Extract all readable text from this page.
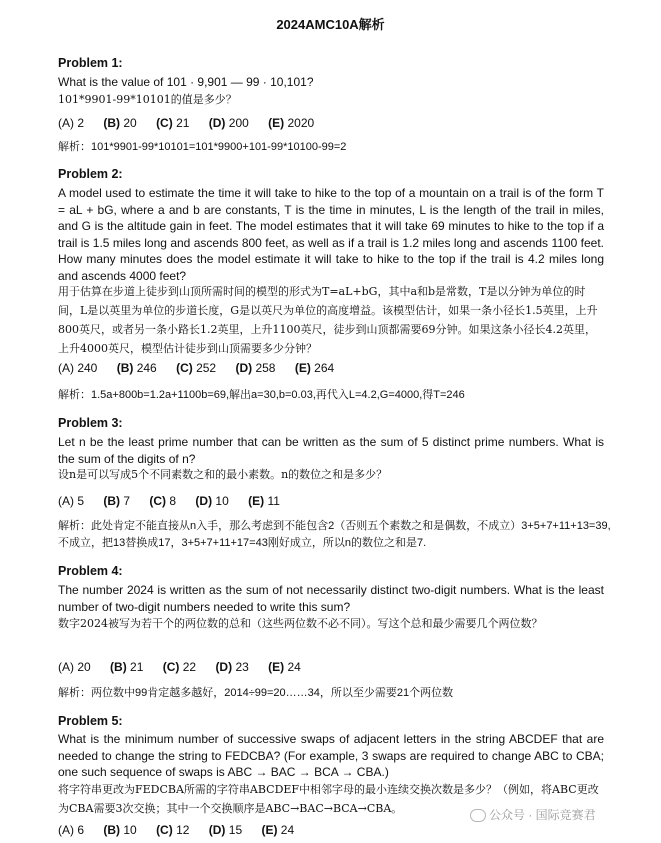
2024AMC10A解析
Problem 1:
What is the value of 101 · 9,901 — 99 · 10,101?
101*9901-99*10101的值是多少？
(A) 2 (B) 20 (C) 21 (D) 200 (E) 2020
解析：101*9901-99*10101=101*9900+101-99*10100-99=2
Problem 2:
A model used to estimate the time it will take to hike to the top of a mountain on a trail is of the form T = aL + bG, where a and b are constants, T is the time in minutes, L is the length of the trail in miles, and G is the altitude gain in feet. The model estimates that it will take 69 minutes to hike to the top if a trail is 1.5 miles long and ascends 800 feet, as well as if a trail is 1.2 miles long and ascends 1100 feet. How many minutes does the model estimate it will take to hike to the top if the trail is 4.2 miles long and ascends 4000 feet?
用于估算在步道上徒步到山顶所需时间的模型的形式为T=aL+bG，其中a和b是常数，T是以分钟为单位的时间，L是以英里为单位的步道长度，G是以英尺为单位的高度增益。该模型估计，如果一条小径长1.5英里，上升800英尺，或者另一条小路长1.2英里，上升1100英尺，徒步到山顶都需要69分钟。如果这条小径长4.2英里，上升4000英尺，模型估计徒步到山顶需要多少分钟？
(A) 240 (B) 246 (C) 252 (D) 258 (E) 264
解析：1.5a+800b=1.2a+1100b=69,解出a=30,b=0.03,再代入L=4.2,G=4000,得T=246
Problem 3:
Let n be the least prime number that can be written as the sum of 5 distinct prime numbers. What is the sum of the digits of n?
设n是可以写成5个不同素数之和的最小素数。n的数位之和是多少？
(A) 5 (B) 7 (C) 8 (D) 10 (E) 11
解析：此处肯定不能直接从n入手，那么考虑到不能包含2（否则五个素数之和是偶数，不成立）3+5+7+11+13=39,不成立，把13替换成17，3+5+7+11+17=43刚好成立，所以n的数位之和是7.
Problem 4:
The number 2024 is written as the sum of not necessarily distinct two-digit numbers. What is the least number of two-digit numbers needed to write this sum?
数字2024被写为若干个的两位数的总和（这些两位数不必不同）。写这个总和最少需要几个两位数？
(A) 20 (B) 21 (C) 22 (D) 23 (E) 24
解析：两位数中99肯定越多越好，2014÷99=20……34，所以至少需要21个两位数
Problem 5:
What is the minimum number of successive swaps of adjacent letters in the string ABCDEF that are needed to change the string to FEDCBA? (For example, 3 swaps are required to change ABC to CBA; one such sequence of swaps is ABC → BAC → BCA → CBA.)
将字符串更改为FEDCBA所需的字符串ABCDEF中相邻字母的最小连续交换次数是多少？（例如，将ABC更改为CBA需要3次交换；其中一个交换顺序是ABC→BAC→BCA→CBA。
(A) 6 (B) 10 (C) 12 (D) 15 (E) 24
公众号 · 国际竞赛君
